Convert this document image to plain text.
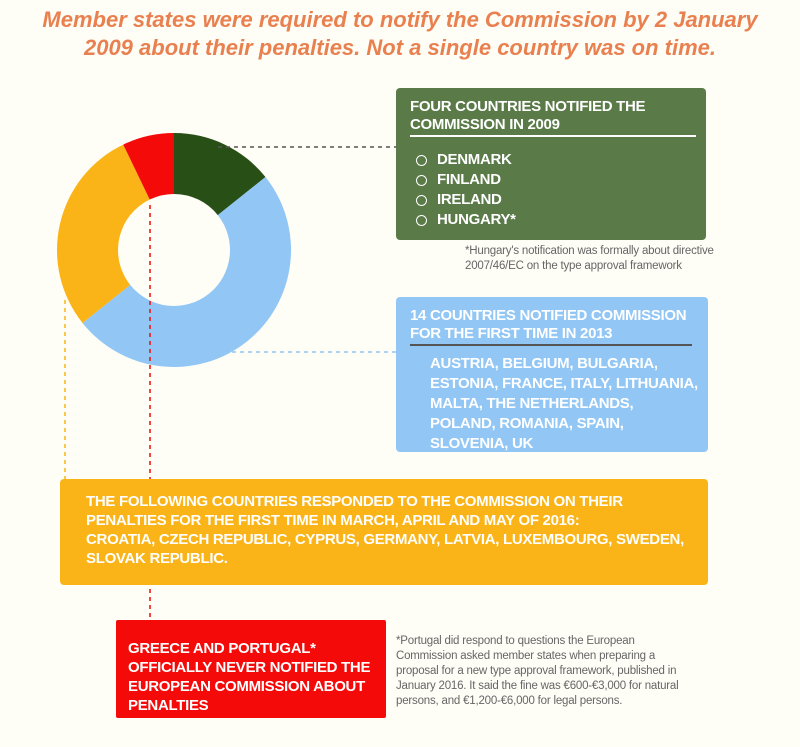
Member states were required to notify the Commission by 2 January 2009 about their penalties. Not a single country was on time.
FOUR COUNTRIES NOTIFIED THE COMMISSION IN 2009
DENMARK
FINLAND
IRELAND
HUNGARY*
*Hungary's notification was formally about directive 2007/46/EC on the type approval framework
14 COUNTRIES NOTIFIED COMMISSION FOR THE FIRST TIME IN 2013
AUSTRIA, BELGIUM, BULGARIA, ESTONIA, FRANCE, ITALY, LITHUANIA, MALTA, THE NETHERLANDS, POLAND, ROMANIA, SPAIN, SLOVENIA, UK
THE FOLLOWING COUNTRIES RESPONDED TO THE COMMISSION ON THEIR PENALTIES FOR THE FIRST TIME IN MARCH, APRIL AND MAY OF 2016:
CROATIA, CZECH REPUBLIC, CYPRUS, GERMANY, LATVIA, LUXEMBOURG, SWEDEN, SLOVAK REPUBLIC.
GREECE AND PORTUGAL* OFFICIALLY NEVER NOTIFIED THE EUROPEAN COMMISSION ABOUT PENALTIES
*Portugal did respond to questions the European Commission asked member states when preparing a proposal for a new type approval framework, published in January 2016. It said the fine was €600-€3,000 for natural persons, and €1,200-€6,000 for legal persons.
